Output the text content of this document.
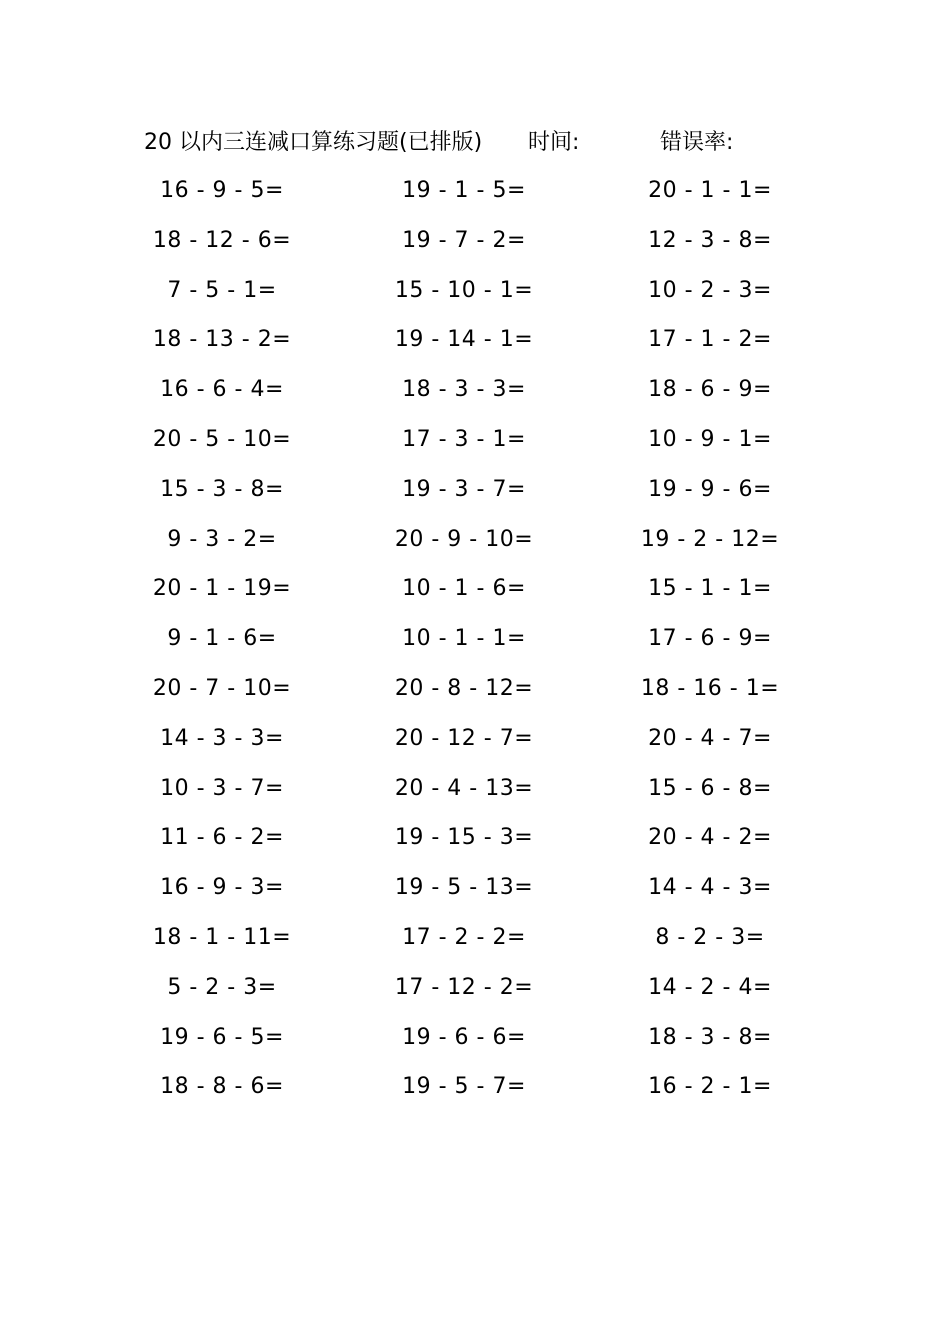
20 以内三连减口算练习题(已排版) 时间:	错误率:
16 - 9 - 5=	19 - 1 - 5=	20 - 1 - 1=
18 - 12 - 6=	19 - 7 - 2=	12 - 3 - 8=
7 - 5 - 1=	15 - 10 - 1=	10 - 2 - 3=
18 - 13 - 2=	19 - 14 - 1=	17 - 1 - 2=
16 - 6 - 4=	18 - 3 - 3=	18 - 6 - 9=
20 - 5 - 10=	17 - 3 - 1=	10 - 9 - 1=
15 - 3 - 8=	19 - 3 - 7=	19 - 9 - 6=
9 - 3 - 2=	20 - 9 - 10=	19 - 2 - 12=
20 - 1 - 19=	10 - 1 - 6=	15 - 1 - 1=
9 - 1 - 6=	10 - 1 - 1=	17 - 6 - 9=
20 - 7 - 10=	20 - 8 - 12=	18 - 16 - 1=
14 - 3 - 3=	20 - 12 - 7=	20 - 4 - 7=
10 - 3 - 7=	20 - 4 - 13=	15 - 6 - 8=
11 - 6 - 2=	19 - 15 - 3=	20 - 4 - 2=
16 - 9 - 3=	19 - 5 - 13=	14 - 4 - 3=
18 - 1 - 11=	17 - 2 - 2=	8 - 2 - 3=
5 - 2 - 3=	17 - 12 - 2=	14 - 2 - 4=
19 - 6 - 5=	19 - 6 - 6=	18 - 3 - 8=
18 - 8 - 6=	19 - 5 - 7=	16 - 2 - 1=
